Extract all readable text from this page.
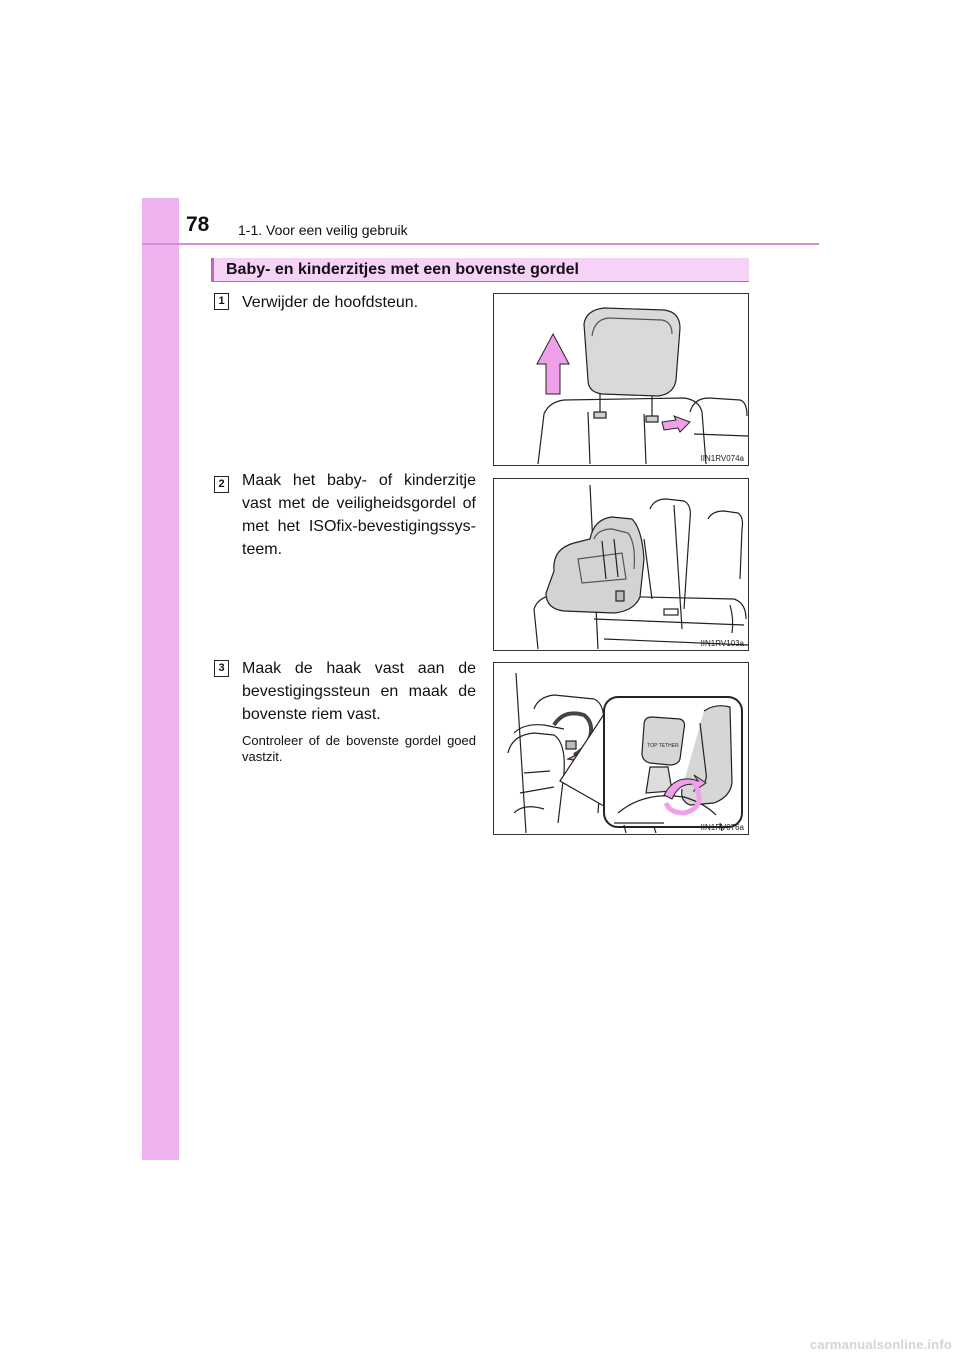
78 1-1. Voor een veilig gebruik
Baby- en kinderzitjes met een bovenste gordel
1 Verwijder de hoofdsteun.
IIN1RV074a
2 Maak het baby- of kinderzitje vast met de veiligheidsgordel of met het ISOfix-bevestigingssys-teem.
IIN1RV103a
3 Maak de haak vast aan de bevestigingssteun en maak de bovenste riem vast.
Controleer of de bovenste gordel goed vastzit.
TOP TETHER
IIN1RV076a
carmanualsonline.info
